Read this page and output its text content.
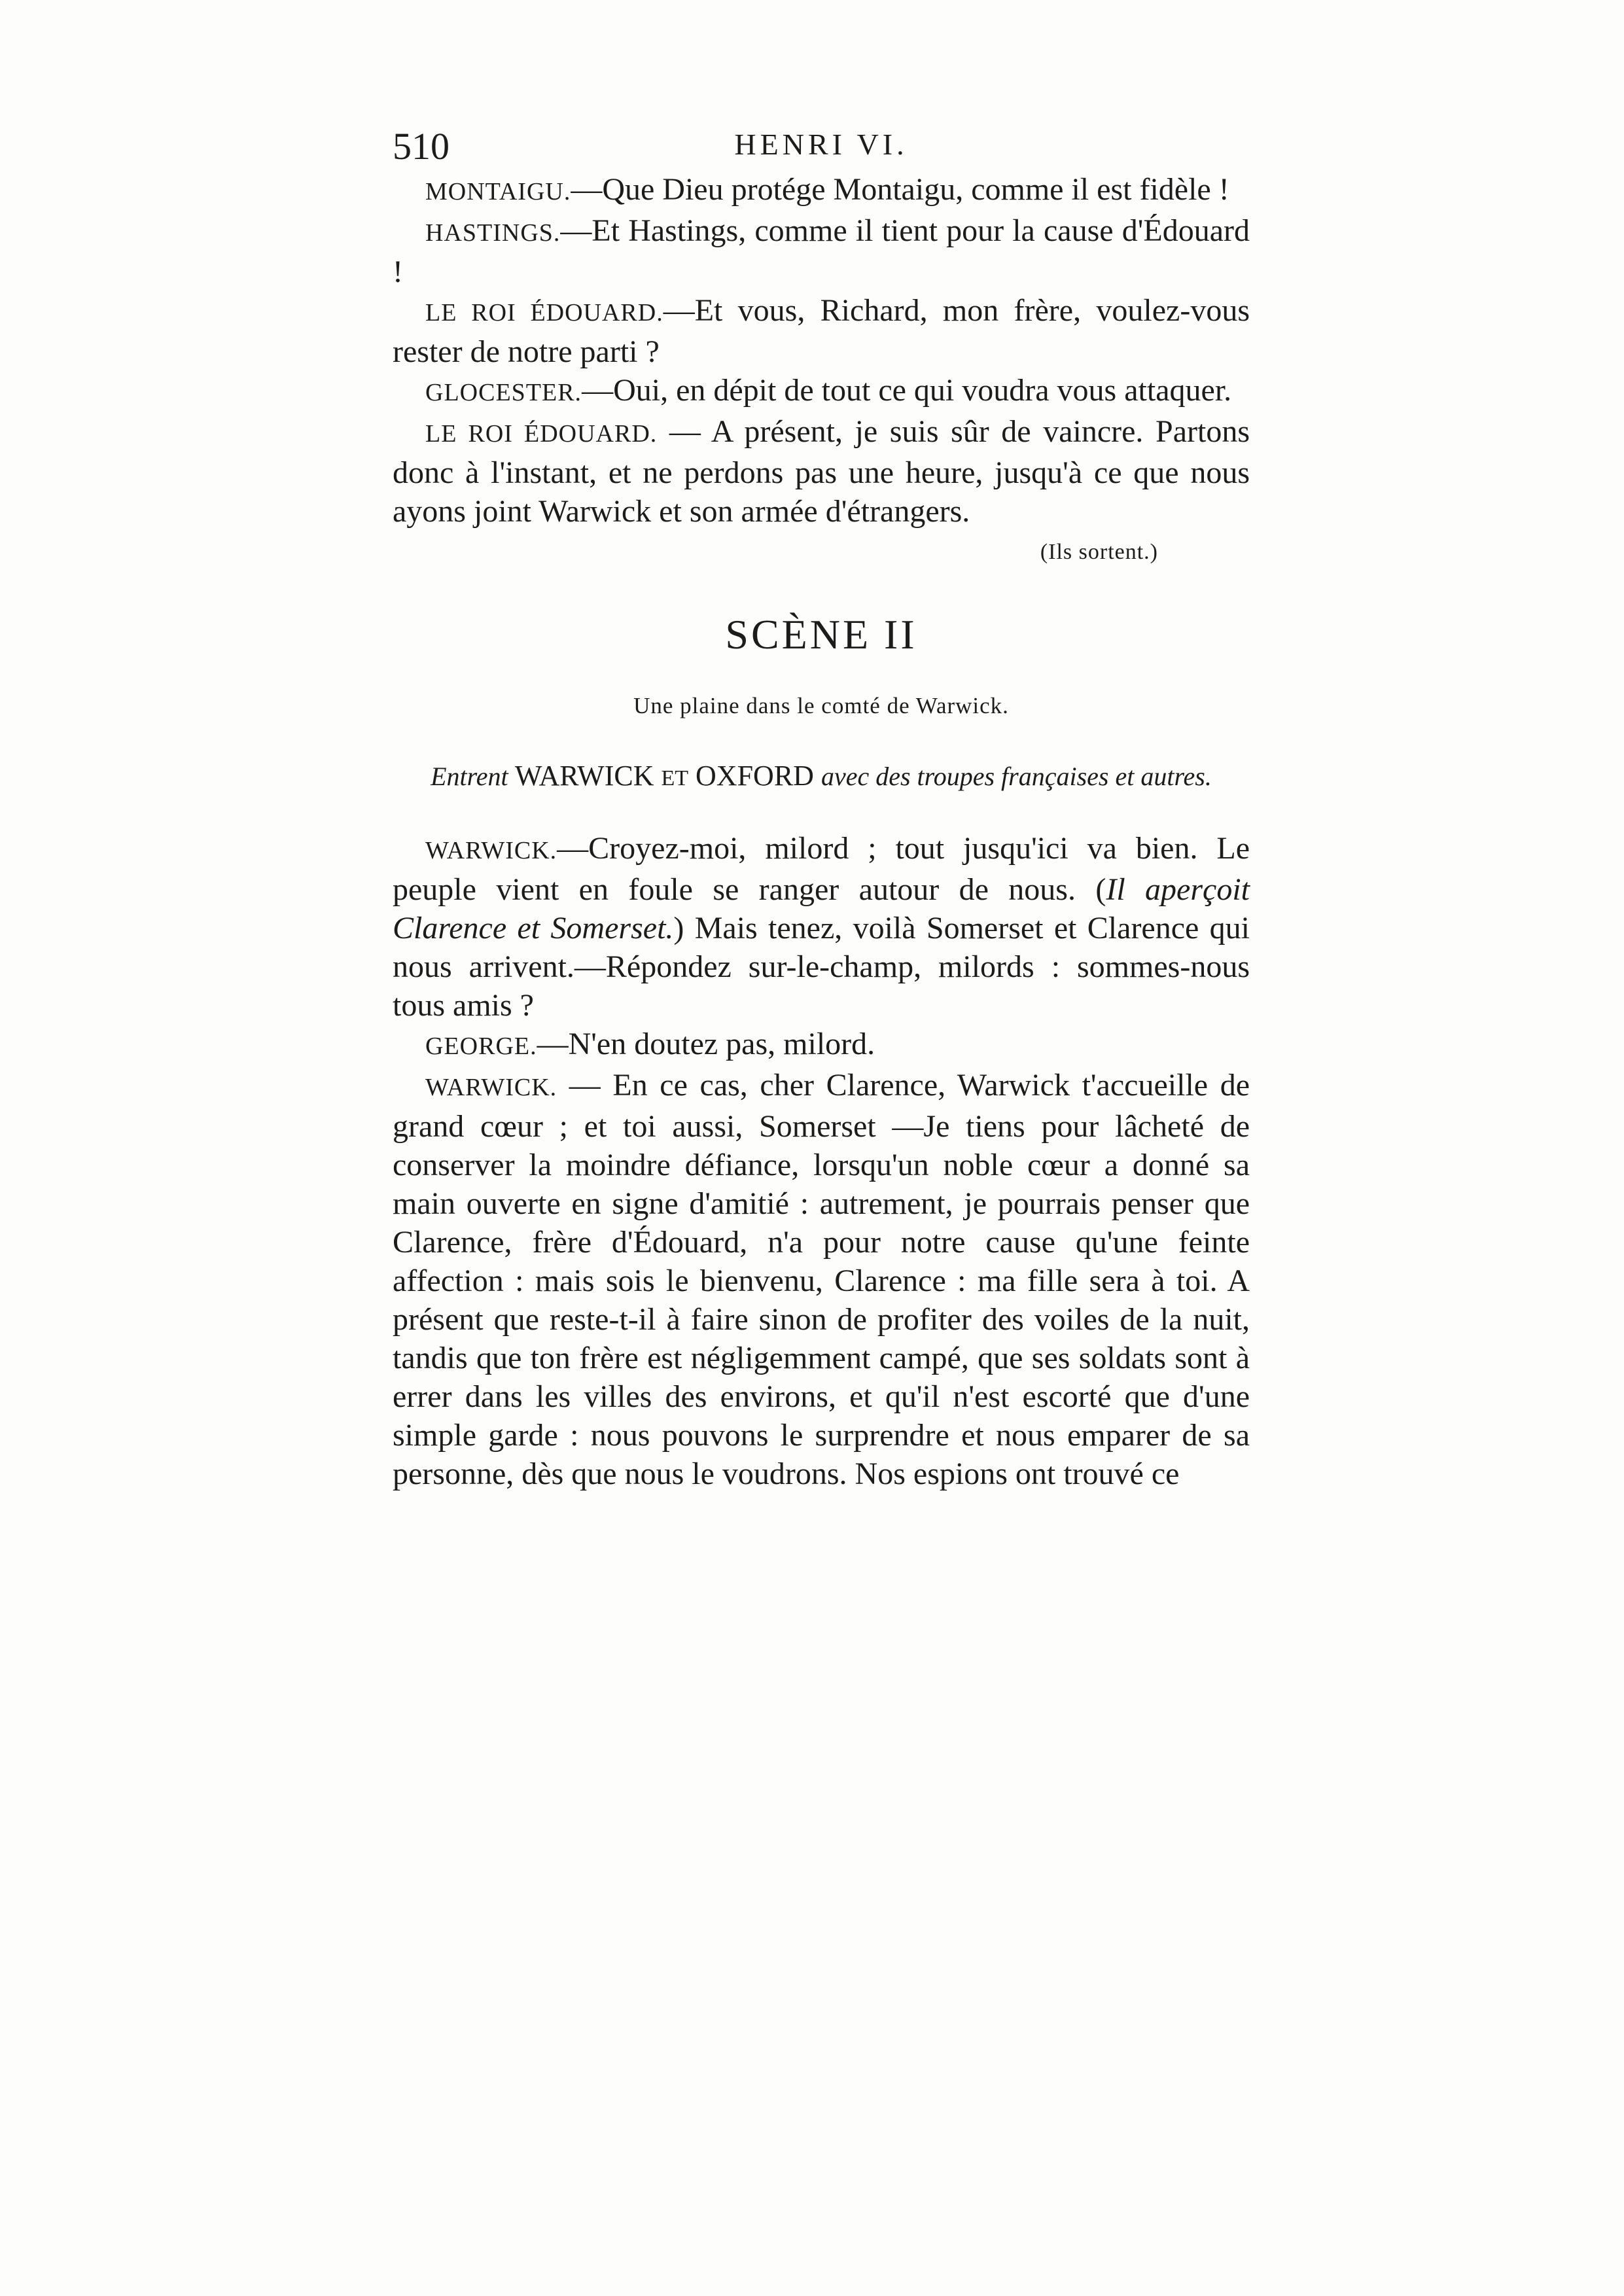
510	HENRI VI.

MONTAIGU.—Que Dieu protége Montaigu, comme il est fidèle !

HASTINGS.—Et Hastings, comme il tient pour la cause d'Édouard !

LE ROI ÉDOUARD.—Et vous, Richard, mon frère, voulez-vous rester de notre parti ?

GLOCESTER.—Oui, en dépit de tout ce qui voudra vous attaquer.

LE ROI ÉDOUARD. — A présent, je suis sûr de vaincre. Partons donc à l'instant, et ne perdons pas une heure, jusqu'à ce que nous ayons joint Warwick et son armée d'étrangers.

(Ils sortent.)
SCÈNE II
Une plaine dans le comté de Warwick.
Entrent WARWICK ET OXFORD avec des troupes françaises et autres.

WARWICK.—Croyez-moi, milord ; tout jusqu'ici va bien. Le peuple vient en foule se ranger autour de nous. (Il aperçoit Clarence et Somerset.) Mais tenez, voilà Somerset et Clarence qui nous arrivent.—Répondez sur-le-champ, milords : sommes-nous tous amis ?

GEORGE.—N'en doutez pas, milord.

WARWICK. — En ce cas, cher Clarence, Warwick t'accueille de grand cœur ; et toi aussi, Somerset —Je tiens pour lâcheté de conserver la moindre défiance, lorsqu'un noble cœur a donné sa main ouverte en signe d'amitié : autrement, je pourrais penser que Clarence, frère d'Édouard, n'a pour notre cause qu'une feinte affection : mais sois le bienvenu, Clarence : ma fille sera à toi. A présent que reste-t-il à faire sinon de profiter des voiles de la nuit, tandis que ton frère est négligemment campé, que ses soldats sont à errer dans les villes des environs, et qu'il n'est escorté que d'une simple garde : nous pouvons le surprendre et nous emparer de sa personne, dès que nous le voudrons. Nos espions ont trouvé ce
